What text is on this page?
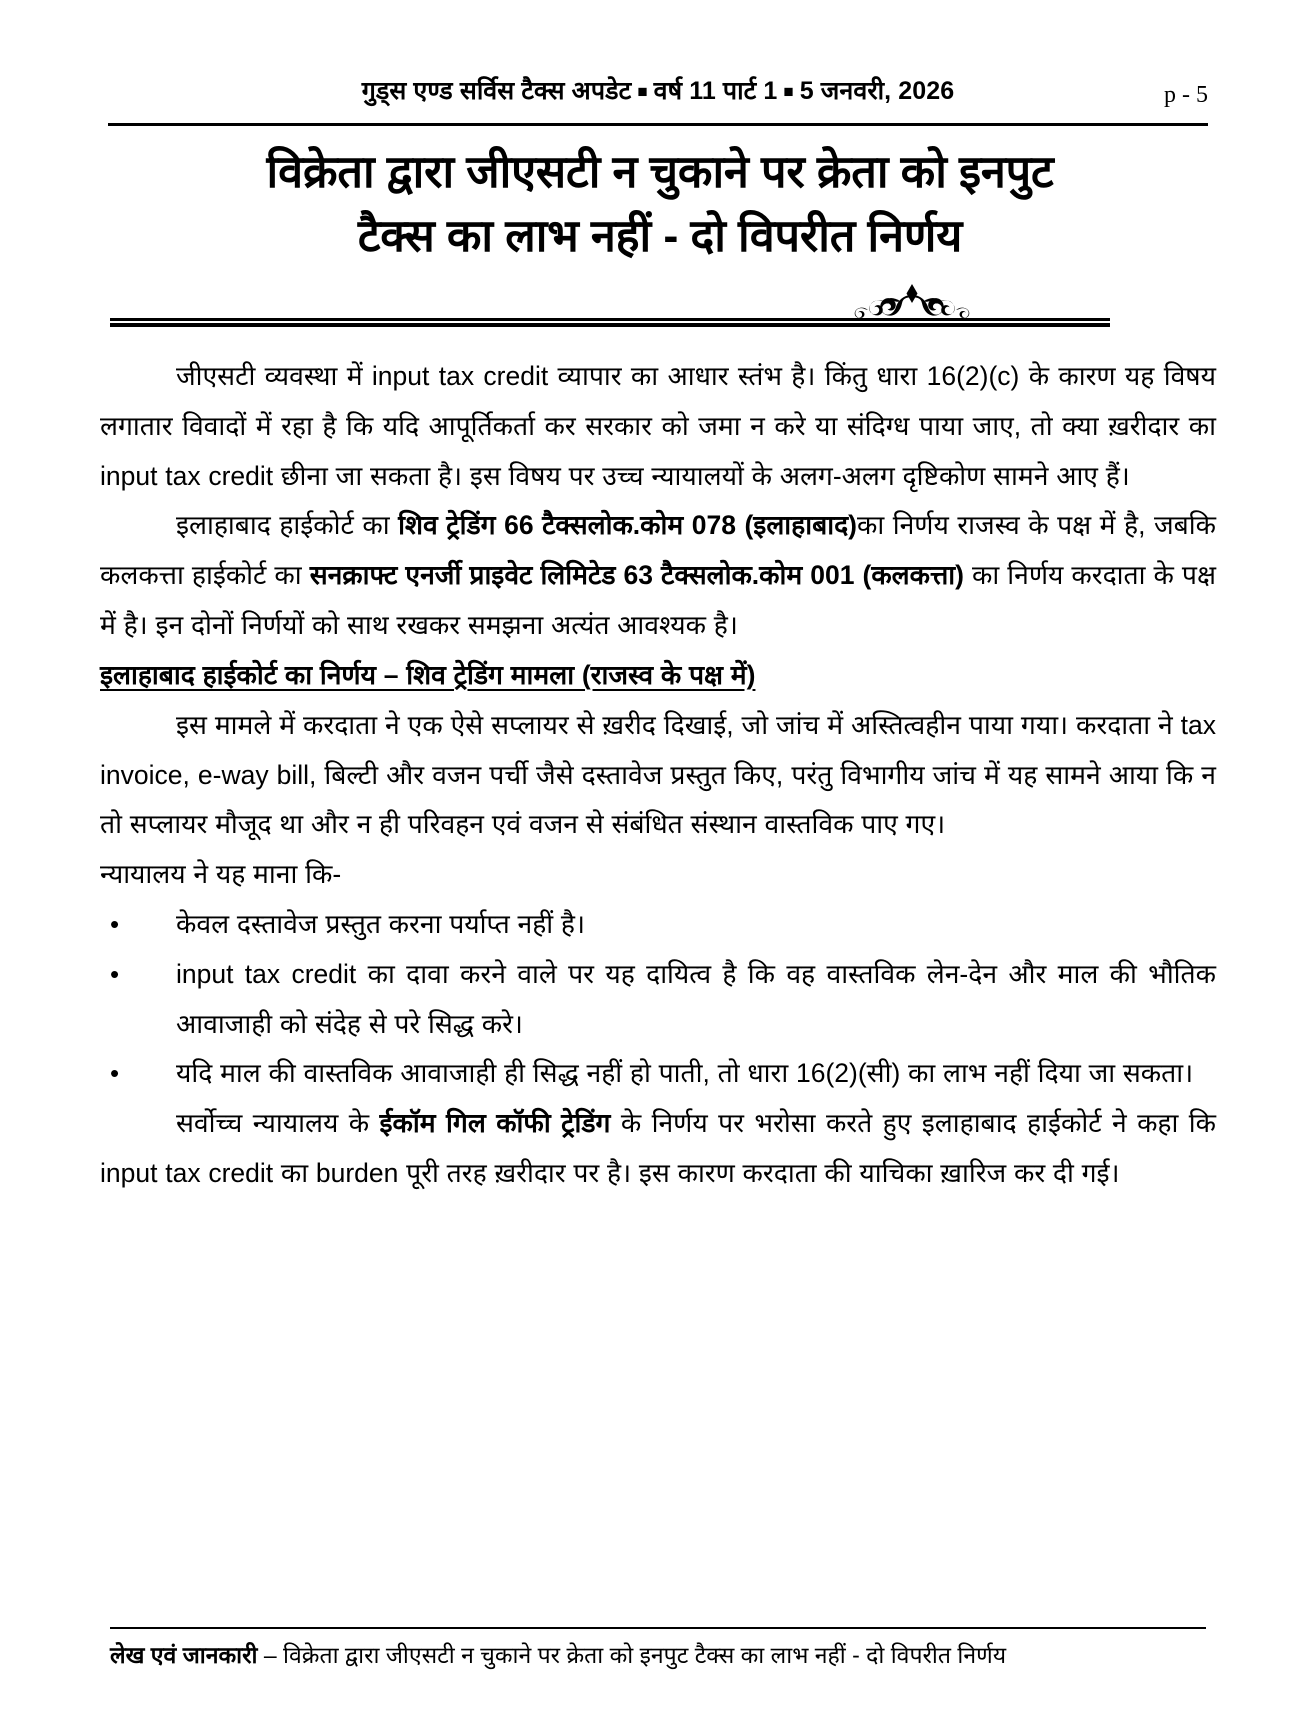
गुड्स एण्ड सर्विस टैक्स अपडेट ■ वर्ष 11 पार्ट 1 ■ 5 जनवरी, 2026	p - 5
विक्रेता द्वारा जीएसटी न चुकाने पर क्रेता को इनपुट
टैक्स का लाभ नहीं - दो विपरीत निर्णय

जीएसटी व्यवस्था में input tax credit व्यापार का आधार स्तंभ है। किंतु धारा 16(2)(c) के कारण यह विषय लगातार विवादों में रहा है कि यदि आपूर्तिकर्ता कर सरकार को जमा न करे या संदिग्ध पाया जाए, तो क्या ख़रीदार का input tax credit छीना जा सकता है। इस विषय पर उच्च न्यायालयों के अलग-अलग दृष्टिकोण सामने आए हैं।

इलाहाबाद हाईकोर्ट का शिव ट्रेडिंग 66 टैक्सलोक.कोम 078 (इलाहाबाद)का निर्णय राजस्व के पक्ष में है, जबकि कलकत्ता हाईकोर्ट का सनक्राफ्ट एनर्जी प्राइवेट लिमिटेड 63 टैक्सलोक.कोम 001 (कलकत्ता) का निर्णय करदाता के पक्ष में है। इन दोनों निर्णयों को साथ रखकर समझना अत्यंत आवश्यक है।

इलाहाबाद हाईकोर्ट का निर्णय – शिव ट्रेडिंग मामला (राजस्व के पक्ष में)

इस मामले में करदाता ने एक ऐसे सप्लायर से ख़रीद दिखाई, जो जांच में अस्तित्वहीन पाया गया। करदाता ने tax invoice, e-way bill, बिल्टी और वजन पर्ची जैसे दस्तावेज प्रस्तुत किए, परंतु विभागीय जांच में यह सामने आया कि न तो सप्लायर मौजूद था और न ही परिवहन एवं वजन से संबंधित संस्थान वास्तविक पाए गए।

न्यायालय ने यह माना कि-

• केवल दस्तावेज प्रस्तुत करना पर्याप्त नहीं है।
• input tax credit का दावा करने वाले पर यह दायित्व है कि वह वास्तविक लेन-देन और माल की भौतिक आवाजाही को संदेह से परे सिद्ध करे।
• यदि माल की वास्तविक आवाजाही ही सिद्ध नहीं हो पाती, तो धारा 16(2)(सी) का लाभ नहीं दिया जा सकता।

सर्वोच्च न्यायालय के ईकॉम गिल कॉफी ट्रेडिंग के निर्णय पर भरोसा करते हुए इलाहाबाद हाईकोर्ट ने कहा कि input tax credit का burden पूरी तरह ख़रीदार पर है। इस कारण करदाता की याचिका ख़ारिज कर दी गई।

लेख एवं जानकारी – विक्रेता द्वारा जीएसटी न चुकाने पर क्रेता को इनपुट टैक्स का लाभ नहीं - दो विपरीत निर्णय
